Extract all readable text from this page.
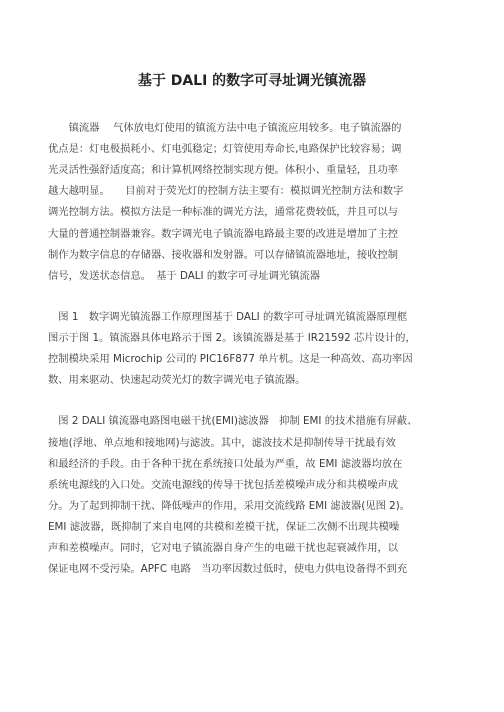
基于 DALI 的数字可寻址调光镇流器

　　镇流器　 气体放电灯使用的镇流方法中电子镇流应用较多。电子镇流器的

优点是：灯电极损耗小、灯电弧稳定；灯管使用寿命长,电路保护比较容易；调

光灵活性强舒适度高；和计算机网络控制实现方便。体积小、重量轻，且功率

越大越明显。　　目前对于荧光灯的控制方法主要有：模拟调光控制方法和数字

调光控制方法。模拟方法是一种标准的调光方法，通常花费较低，并且可以与

大量的普通控制器兼容。数字调光电子镇流器电路最主要的改进是增加了主控

制作为数字信息的存储器、接收器和发射器。可以存储镇流器地址，接收控制

信号，发送状态信息。　基于 DALI 的数字可寻址调光镇流器

　图 1　数字调光镇流器工作原理图基于 DALI 的数字可寻址调光镇流器原理框

图示于图 1。镇流器具体电路示于图 2。该镇流器是基于 IR21592 芯片设计的，

控制模块采用 Microchip 公司的 PIC16F877 单片机。这是一种高效、高功率因

数、用来驱动、快速起动荧光灯的数字调光电子镇流器。

　图 2 DALI 镇流器电路图电磁干扰(EMI)滤波器　抑制 EMI 的技术措施有屏蔽、

接地(浮地、单点地和接地网)与滤波。其中，滤波技术是抑制传导干扰最有效

和最经济的手段。由于各种干扰在系统接口处最为严重，故 EMI 滤波器均放在

系统电源线的入口处。交流电源线的传导干扰包括差模噪声成分和共模噪声成

分。为了起到抑制干扰、降低噪声的作用，采用交流线路 EMI 滤波器(见图 2)。

EMI 滤波器，既抑制了来自电网的共模和差模干扰，保证二次侧不出现共模噪

声和差模噪声。同时，它对电子镇流器自身产生的电磁干扰也起衰减作用，以

保证电网不受污染。APFC 电路　当功率因数过低时，使电力供电设备得不到充
